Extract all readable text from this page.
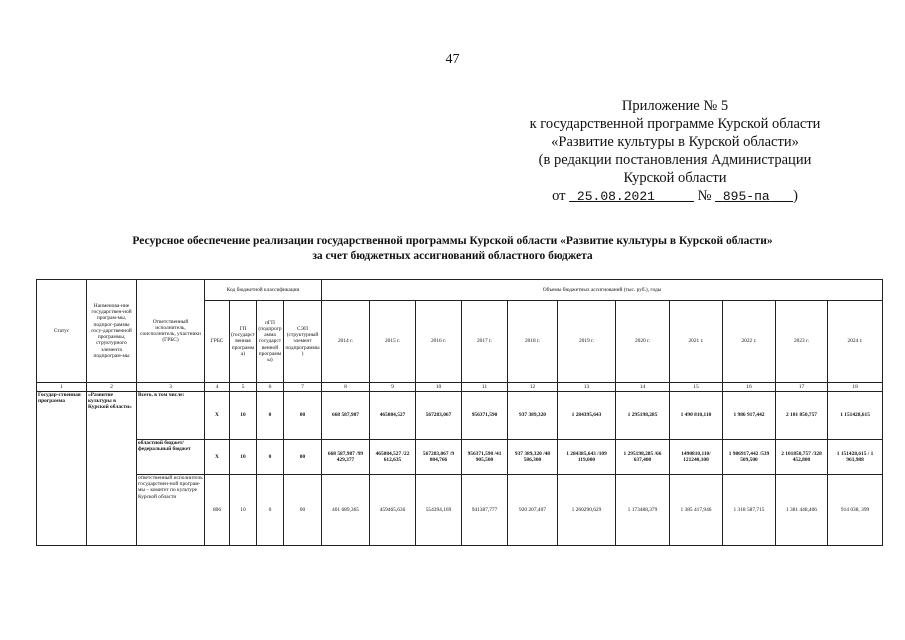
47
Приложение № 5
к государственной программе Курской области
«Развитие культуры в Курской области»
(в редакции постановления Администрации
Курской области
от 25.08.2021	№ 895-па )
Ресурсное обеспечение реализации государственной программы Курской области «Развитие культуры в Курской области»
за счет бюджетных ассигнований областного бюджета
Статус	Наименова-ние государствен-ной програм-мы, подпрог-раммы госу-дарственной программы, структурного элемента подпрограм-мы	Ответственный исполнитель, соисполнитель, участники (ГРБС)	Код бюджетной классификации				Объемы бюджетных ассигнований (тыс. руб.), годы										
			ГРБС	ГП (государственная программа)	пГП (подпрограмма государственной программы)	СЭП (структурный элемент подпрограммы)	2014 г.	2015 г.	2016 г.	2017 г.	2018 г.	2019 г.	2020 г.	2021 г.	2022 г.	2023 г.	2024 г.
1	2	3	4	5	6	7	8	9	10	11	12	13	14	15	16	17	18
Государ-ственная программа	«Развитие культуры в Курской области»	Всего, в том числе:	X	10	0	00	668 587,987	465084,527	567283,067	956371,590	937 389,320	1 284395,643	1 295198,285	1 490 810,110	1 986 917,442	2 101 850,757	1 151428,615
		областной бюджет/ федеральный бюджет	X	10	0	00	668 587,987 /99 429,377	465084,527 /22 612,635	567283,067 /9 084,766	956371,590 /41 905,500	937 389,320 /48 586,300	1 284385,643 /109 119,000	1 295198,285 /66 637,400	1490810,110/ 121240,100	1 986917,442 /539 509,500	2 101850,757 /328 452,800	1 151428,615 / 1 961,988
		ответственный исполнитель государствен-ной програм-мы – комитет по культуре Курской области	806	10	0	00	401 689,365	459465,636	554394,169	941387,777	920 207,407	1 260290,629	1 173488,379	1 385 417,946	1 318 587,715	1 381 448,406	914 038, 399
